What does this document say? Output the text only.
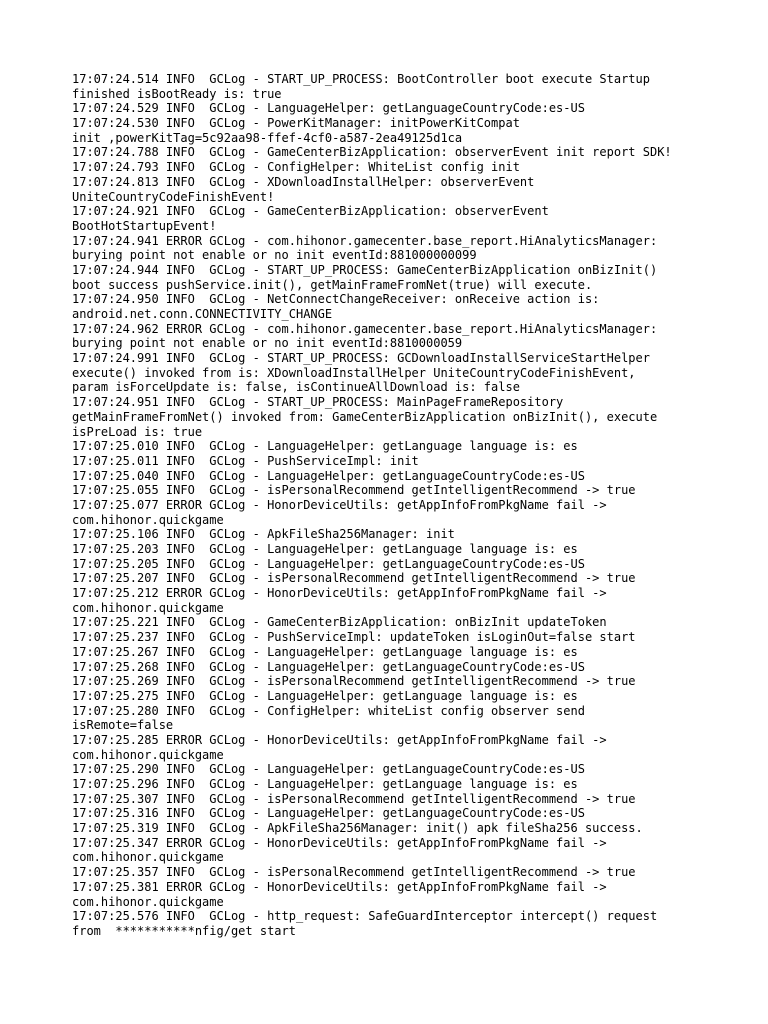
17:07:24.514 INFO  GCLog - START_UP_PROCESS: BootController boot execute Startup
finished isBootReady is: true
17:07:24.529 INFO  GCLog - LanguageHelper: getLanguageCountryCode:es-US
17:07:24.530 INFO  GCLog - PowerKitManager: initPowerKitCompat
init ,powerKitTag=5c92aa98-ffef-4cf0-a587-2ea49125d1ca
17:07:24.788 INFO  GCLog - GameCenterBizApplication: observerEvent init report SDK!
17:07:24.793 INFO  GCLog - ConfigHelper: WhiteList config init
17:07:24.813 INFO  GCLog - XDownloadInstallHelper: observerEvent
UniteCountryCodeFinishEvent!
17:07:24.921 INFO  GCLog - GameCenterBizApplication: observerEvent
BootHotStartupEvent!
17:07:24.941 ERROR GCLog - com.hihonor.gamecenter.base_report.HiAnalyticsManager:
burying point not enable or no init eventId:881000000099
17:07:24.944 INFO  GCLog - START_UP_PROCESS: GameCenterBizApplication onBizInit()
boot success pushService.init(), getMainFrameFromNet(true) will execute.
17:07:24.950 INFO  GCLog - NetConnectChangeReceiver: onReceive action is:
android.net.conn.CONNECTIVITY_CHANGE
17:07:24.962 ERROR GCLog - com.hihonor.gamecenter.base_report.HiAnalyticsManager:
burying point not enable or no init eventId:8810000059
17:07:24.991 INFO  GCLog - START_UP_PROCESS: GCDownloadInstallServiceStartHelper
execute() invoked from is: XDownloadInstallHelper UniteCountryCodeFinishEvent,
param isForceUpdate is: false, isContinueAllDownload is: false
17:07:24.951 INFO  GCLog - START_UP_PROCESS: MainPageFrameRepository
getMainFrameFromNet() invoked from: GameCenterBizApplication onBizInit(), execute
isPreLoad is: true
17:07:25.010 INFO  GCLog - LanguageHelper: getLanguage language is: es
17:07:25.011 INFO  GCLog - PushServiceImpl: init
17:07:25.040 INFO  GCLog - LanguageHelper: getLanguageCountryCode:es-US
17:07:25.055 INFO  GCLog - isPersonalRecommend getIntelligentRecommend -> true
17:07:25.077 ERROR GCLog - HonorDeviceUtils: getAppInfoFromPkgName fail ->
com.hihonor.quickgame
17:07:25.106 INFO  GCLog - ApkFileSha256Manager: init
17:07:25.203 INFO  GCLog - LanguageHelper: getLanguage language is: es
17:07:25.205 INFO  GCLog - LanguageHelper: getLanguageCountryCode:es-US
17:07:25.207 INFO  GCLog - isPersonalRecommend getIntelligentRecommend -> true
17:07:25.212 ERROR GCLog - HonorDeviceUtils: getAppInfoFromPkgName fail ->
com.hihonor.quickgame
17:07:25.221 INFO  GCLog - GameCenterBizApplication: onBizInit updateToken
17:07:25.237 INFO  GCLog - PushServiceImpl: updateToken isLoginOut=false start
17:07:25.267 INFO  GCLog - LanguageHelper: getLanguage language is: es
17:07:25.268 INFO  GCLog - LanguageHelper: getLanguageCountryCode:es-US
17:07:25.269 INFO  GCLog - isPersonalRecommend getIntelligentRecommend -> true
17:07:25.275 INFO  GCLog - LanguageHelper: getLanguage language is: es
17:07:25.280 INFO  GCLog - ConfigHelper: whiteList config observer send
isRemote=false
17:07:25.285 ERROR GCLog - HonorDeviceUtils: getAppInfoFromPkgName fail ->
com.hihonor.quickgame
17:07:25.290 INFO  GCLog - LanguageHelper: getLanguageCountryCode:es-US
17:07:25.296 INFO  GCLog - LanguageHelper: getLanguage language is: es
17:07:25.307 INFO  GCLog - isPersonalRecommend getIntelligentRecommend -> true
17:07:25.316 INFO  GCLog - LanguageHelper: getLanguageCountryCode:es-US
17:07:25.319 INFO  GCLog - ApkFileSha256Manager: init() apk fileSha256 success.
17:07:25.347 ERROR GCLog - HonorDeviceUtils: getAppInfoFromPkgName fail ->
com.hihonor.quickgame
17:07:25.357 INFO  GCLog - isPersonalRecommend getIntelligentRecommend -> true
17:07:25.381 ERROR GCLog - HonorDeviceUtils: getAppInfoFromPkgName fail ->
com.hihonor.quickgame
17:07:25.576 INFO  GCLog - http_request: SafeGuardInterceptor intercept() request
from  ***********nfig/get start
